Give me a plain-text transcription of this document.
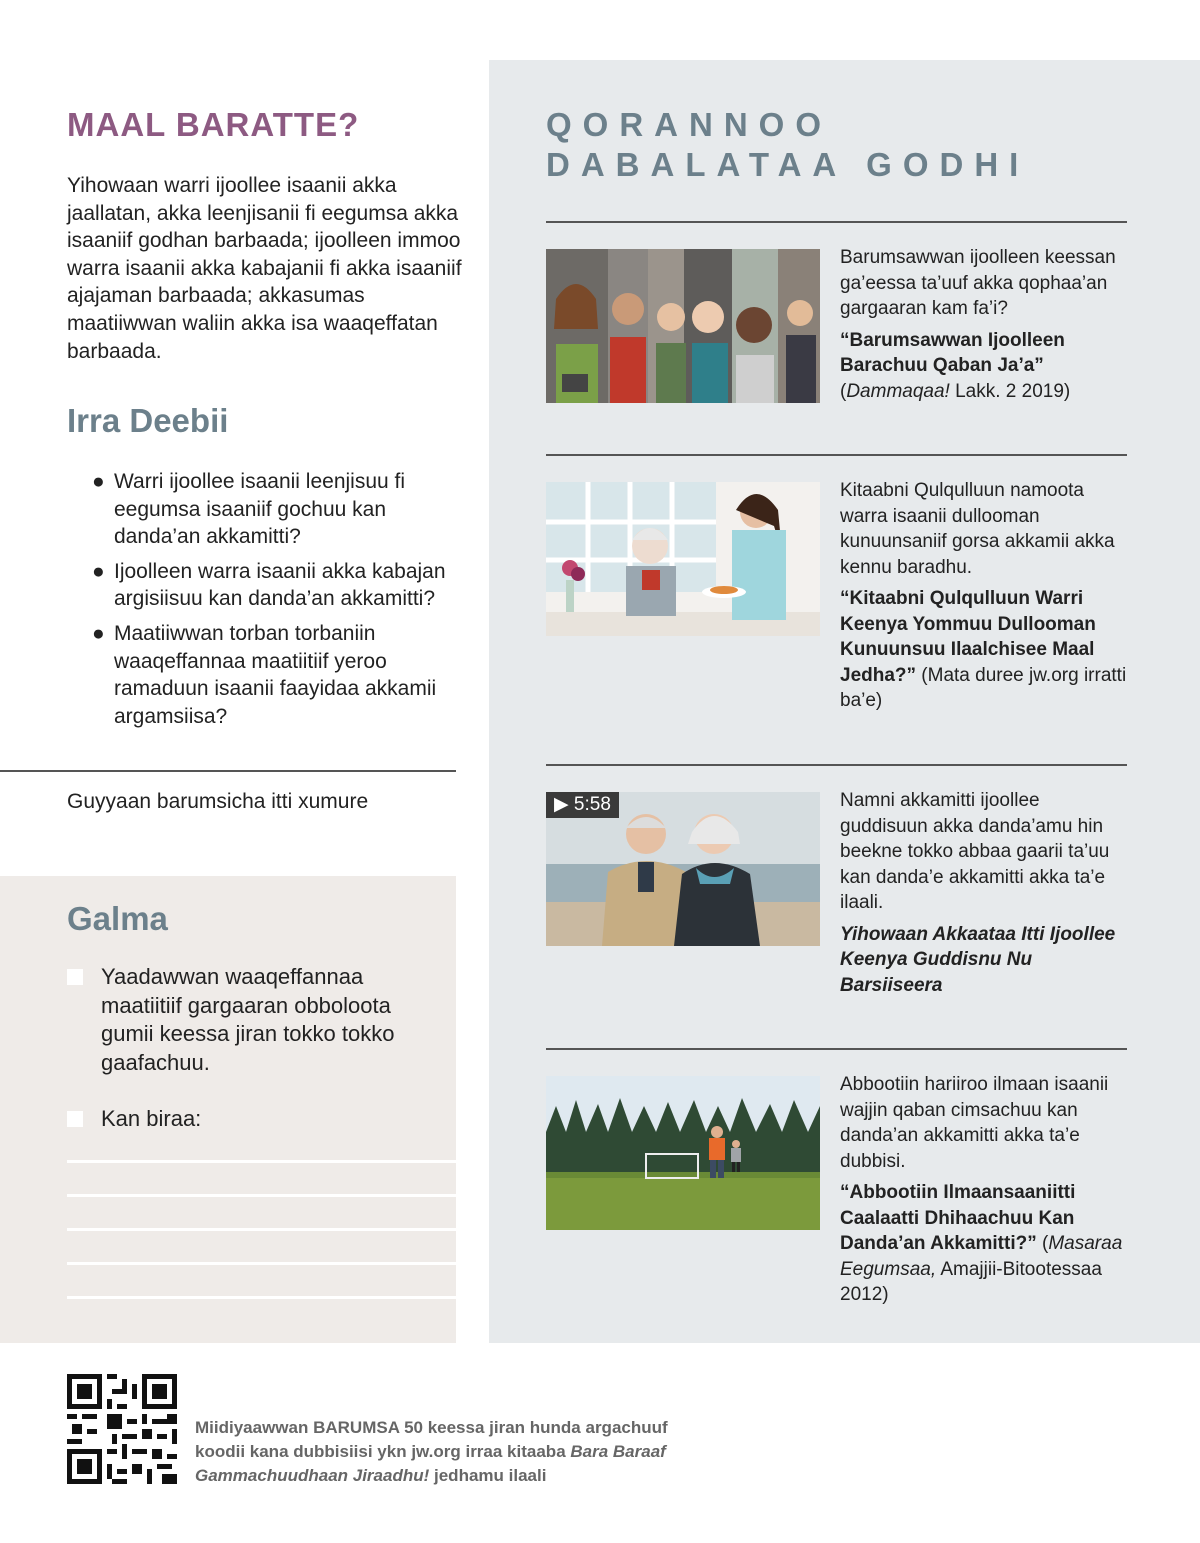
MAAL BARATTE?
Yihowaan warri ijoollee isaanii akka jaallatan, akka leenjisanii fi eegumsa akka isaaniif godhan barbaada; ijoolleen immoo warra isaanii akka kabajanii fi akka isaaniif ajajaman barbaada; akkasumas maatiiwwan waliin akka isa waaqeffatan barbaada.
Irra Deebii
● Warri ijoollee isaanii leenjisuu fi eegumsa isaaniif gochuu kan danda’an akkamitti?
● Ijoolleen warra isaanii akka kabajan argisiisuu kan danda’an akkamitti?
● Maatiiwwan torban torbaniin waaqeffannaa maatiitiif yeroo ramaduun isaanii faayidaa akkamii argamsiisa?
Guyyaan barumsicha itti xumure
Galma
Yaadawwan waaqeffannaa maatiitiif gargaaran obboloota gumii keessa jiran tokko tokko gaafachuu.
Kan biraa:
QORANNOO
DABALATAA GODHI

Barumsawwan ijoolleen keessan ga’eessa ta’uuf akka qophaa’an gargaaran kam fa’i?

“Barumsawwan Ijoolleen Barachuu Qaban Ja’a” (Dammaqaa! Lakk. 2 2019)

Kitaabni Qulqulluun namoota warra isaanii dullooman kunuunsaniif gorsa akkamii akka kennu baradhu.

“Kitaabni Qulqulluun Warri Keenya Yommuu Dullooman Kunuunsuu Ilaalchisee Maal Jedha?” (Mata duree jw.org irratti ba’e)

▶ 5:58	Namni akkamitti ijoollee guddisuun akka danda’amu hin beekne tokko abbaa gaarii ta’uu kan danda’e akkamitti akka ta’e ilaali.

Yihowaan Akkaataa Itti Ijoollee Keenya Guddisnu Nu Barsiiseera

Abbootiin hariiroo ilmaan isaanii wajjin qaban cimsachuu kan danda’an akkamitti akka ta’e dubbisi.

“Abbootiin Ilmaansaaniitti Caalaatti Dhihaachuu Kan Danda’an Akkamitti?” (Masaraa Eegumsaa, Amajjii-Bitootessaa 2012)

Miidiyaawwan BARUMSA 50 keessa jiran hunda argachuuf koodii kana dubbisiisi ykn jw.org irraa kitaaba Bara Baraaf Gammachuudhaan Jiraadhu! jedhamu ilaali
